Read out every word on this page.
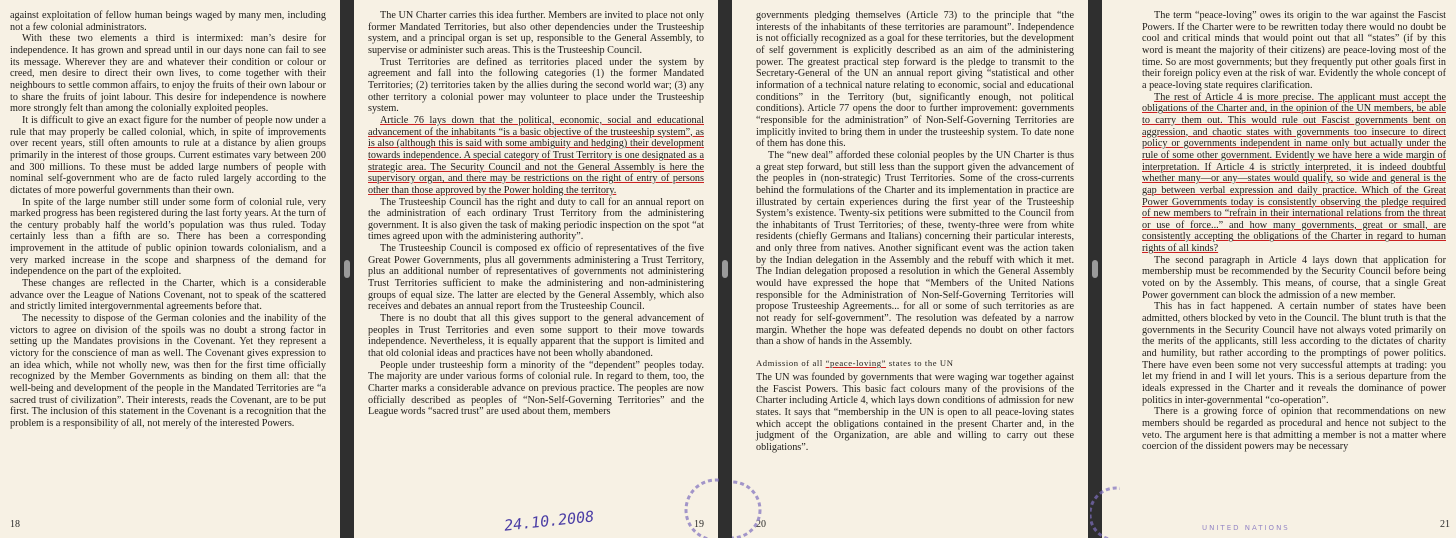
against exploitation of fellow human beings waged by many men, including not a few colonial administrators.

With these two elements a third is intermixed: man’s desire for independence. It has grown and spread until in our days none can fail to see its message. Wherever they are and whatever their condition or colour or creed, men desire to direct their own lives, to come together with their neighbours to settle common affairs, to enjoy the fruits of their own labour or to share the fruits of joint labour. This desire for independence is nowhere more strongly felt than among the colonially exploited peoples.

It is difficult to give an exact figure for the number of people now under a rule that may properly be called colonial, which, in spite of improvements over recent years, still often amounts to rule at a distance by alien groups primarily in the interest of those groups. Current estimates vary between 200 and 300 millions. To these must be added large numbers of people with nominal self-government who are de facto ruled largely according to the dictates of more powerful governments than their own.

In spite of the large number still under some form of colonial rule, very marked progress has been registered during the last forty years. At the turn of the century probably half the world’s population was thus ruled. Today certainly less than a fifth are so. There has been a corresponding improvement in the attitude of public opinion towards colonialism, and a very marked increase in the scope and sharpness of the demand for independence on the part of the exploited.

These changes are reflected in the Charter, which is a considerable advance over the League of Nations Covenant, not to speak of the scattered and strictly limited intergovernmental agreements before that.

The necessity to dispose of the German colonies and the inability of the victors to agree on division of the spoils was no doubt a strong factor in setting up the Mandates provisions in the Covenant. Yet they represent a victory for the conscience of man as well. The Covenant gives expression to an idea which, while not wholly new, was then for the first time officially recognized by the Member Governments as binding on them all: that the well-being and development of the people in the Mandated Territories are “a sacred trust of civilization”. Their interests, reads the Covenant, are to be put first. The inclusion of this statement in the Covenant is a recognition that the problem is a responsibility of all, not merely of the interested Powers.

18

The UN Charter carries this idea further. Members are invited to place not only former Mandated Territories, but also other dependencies under the Trusteeship system, and a principal organ is set up, responsible to the General Assembly, to supervise or administer such areas. This is the Trusteeship Council.

Trust Territories are defined as territories placed under the system by agreement and fall into the following categories (1) the former Mandated Territories; (2) territories taken by the allies during the second world war; (3) any other territory a colonial power may volunteer to place under the Trusteeship system.

Article 76 lays down that the political, economic, social and educational advancement of the inhabitants “is a basic objective of the trusteeship system”, as is also (although this is said with some ambiguity and hedging) their development towards independence. A special category of Trust Territory is one designated as a strategic area. The Security Council and not the General Assembly is here the supervisory organ, and there may be restrictions on the right of entry of persons other than those approved by the Power holding the territory.

The Trusteeship Council has the right and duty to call for an annual report on the administration of each ordinary Trust Territory from the administering government. It is also given the task of making periodic inspection on the spot “at times agreed upon with the administering authority”.

The Trusteeship Council is composed ex officio of representatives of the five Great Power Governments, plus all governments administering a Trust Territory, plus an additional number of representatives of governments not administering Trust Territories sufficient to make the administering and non-administering groups of equal size. The latter are elected by the General Assembly, which also receives and debates an annual report from the Trusteeship Council.

There is no doubt that all this gives support to the general advancement of peoples in Trust Territories and even some support to their move towards independence. Nevertheless, it is equally apparent that the support is limited and that old colonial ideas and practices have not been wholly abandoned.

People under trusteeship form a minority of the “dependent” peoples today. The majority are under various forms of colonial rule. In regard to them, too, the Charter marks a considerable advance on previous practice. The peoples are now officially described as peoples of “Non-Self-Governing Territories” and the League words “sacred trust” are used about them, members

24.10.2008	19

governments pledging themselves (Article 73) to the principle that “the interests of the inhabitants of these territories are paramount”. Independence is not officially recognized as a goal for these territories, but the development of self government is explicitly described as an aim of the administering power. The greatest practical step forward is the pledge to transmit to the Secretary-General of the UN an annual report giving “statistical and other information of a technical nature relating to economic, social and educational conditions” in the Territory (but, significantly enough, not political conditions). Article 77 opens the door to further improvement: governments “responsible for the administration” of Non-Self-Governing Territories are implicitly invited to bring them in under the trusteeship system. To date none of them has done this.

The “new deal” afforded these colonial peoples by the UN Charter is thus a great step forward, but still less than the support given the advancement of the peoples in (non-strategic) Trust Territories. Some of the cross-currents behind the formulations of the Charter and its implementation in practice are illustrated by certain experiences during the first year of the Trusteeship System’s existence. Twenty-six petitions were submitted to the Council from the inhabitants of Trust Territories; of these, twenty-three were from white residents (chiefly Germans and Italians) concerning their particular interests, and only three from natives. Another significant event was the action taken by the Indian delegation in the Assembly and the rebuff with which it met. The Indian delegation proposed a resolution in which the General Assembly would have expressed the hope that “Members of the United Nations responsible for the Administration of Non-Self-Governing Territories will propose Trusteeship Agreements... for all or some of such territories as are not ready for self-government”. The resolution was defeated by a narrow margin. Whether the hope was defeated depends no doubt on other factors than a show of hands in the Assembly.

Admission of all “peace-loving” states to the UN

The UN was founded by governments that were waging war together against the Fascist Powers. This basic fact colours many of the provisions of the Charter including Article 4, which lays down conditions of admission for new states. It says that “membership in the UN is open to all peace-loving states which accept the obligations contained in the present Charter and, in the judgment of the Organization, are able and willing to carry out these obligations”.

20

The term “peace-loving” owes its origin to the war against the Fascist Powers. If the Charter were to be rewritten today there would no doubt be cool and critical minds that would point out that all “states” (if by this word is meant the majority of their citizens) are peace-loving most of the time. So are most governments; but they frequently put other goals first in their foreign policy even at the risk of war. Evidently the whole concept of a peace-loving state requires clarification.

The rest of Article 4 is more precise. The applicant must accept the obligations of the Charter and, in the opinion of the UN members, be able to carry them out. This would rule out Fascist governments bent on aggression, and chaotic states with governments too insecure to direct policy or governments independent in name only but actually under the rule of some other government. Evidently we have here a wide margin of interpretation. If Article 4 is strictly interpreted, it is indeed doubtful whether many—or any—states would qualify, so wide and general is the gap between verbal expression and daily practice. Which of the Great Power Governments today is consistently observing the pledge required of new members to “refrain in their international relations from the threat or use of force...” and how many governments, great or small, are consistently accepting the obligations of the Charter in regard to human rights of all kinds?

The second paragraph in Article 4 lays down that application for membership must be recommended by the Security Council before being voted on by the Assembly. This means, of course, that a single Great Power government can block the admission of a new member.

This has in fact happened. A certain number of states have been admitted, others blocked by veto in the Council. The blunt truth is that the governments in the Security Council have not always voted primarily on the merits of the applicants, still less according to the dictates of charity and humility, but rather according to the promptings of power politics. There have even been some not very successful attempts at trading: you let my friend in and I will let yours. This is a serious departure from the ideals expressed in the Charter and it reveals the dominance of power politics in inter-governmental “co-operation”.

There is a growing force of opinion that recommendations on new members should be regarded as procedural and hence not subject to the veto. The argument here is that admitting a member is not a matter where coercion of the dissident powers may be necessary

UNITED NATIONS	21
